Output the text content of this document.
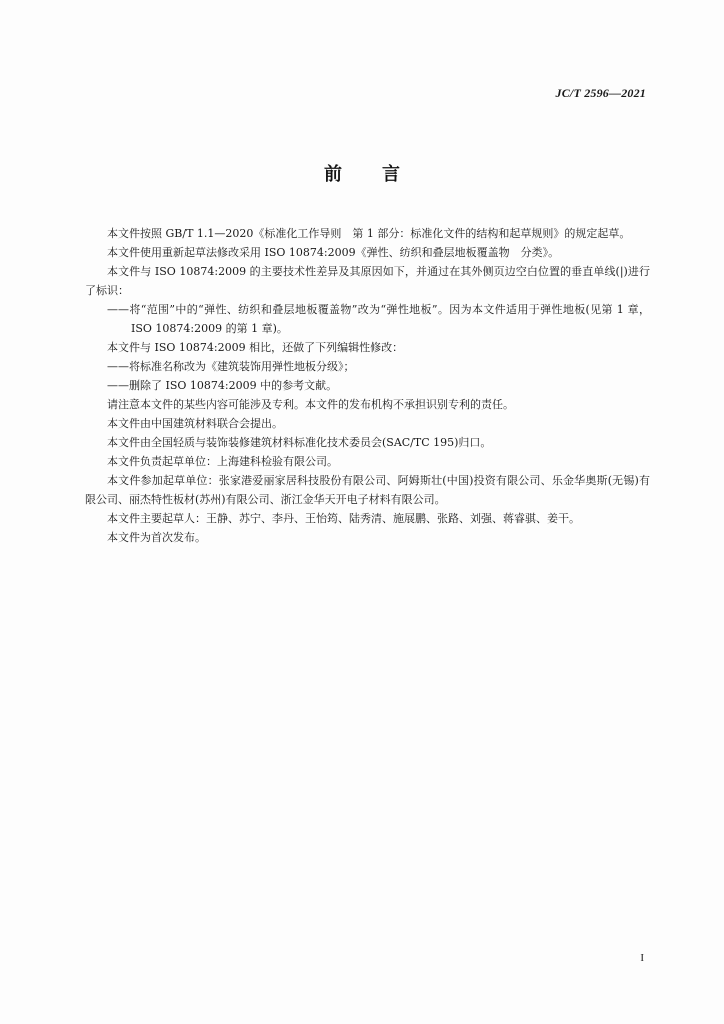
JC/T 2596—2021
前言

本文件按照 GB/T 1.1—2020《标准化工作导则　第 1 部分：标准化文件的结构和起草规则》的规定起草。

本文件使用重新起草法修改采用 ISO 10874:2009《弹性、纺织和叠层地板覆盖物　分类》。

本文件与 ISO 10874:2009 的主要技术性差异及其原因如下，并通过在其外侧页边空白位置的垂直单线(|)进行了标识：

——将“范围”中的“弹性、纺织和叠层地板覆盖物”改为“弹性地板”。因为本文件适用于弹性地板(见第 1 章，ISO 10874:2009 的第 1 章)。

本文件与 ISO 10874:2009 相比，还做了下列编辑性修改：

——将标准名称改为《建筑装饰用弹性地板分级》；

——删除了 ISO 10874:2009 中的参考文献。

请注意本文件的某些内容可能涉及专利。本文件的发布机构不承担识别专利的责任。

本文件由中国建筑材料联合会提出。

本文件由全国轻质与装饰装修建筑材料标准化技术委员会(SAC/TC 195)归口。

本文件负责起草单位：上海建科检验有限公司。

本文件参加起草单位：张家港爱丽家居科技股份有限公司、阿姆斯壮(中国)投资有限公司、乐金华奥斯(无锡)有限公司、丽杰特性板材(苏州)有限公司、浙江金华天开电子材料有限公司。

本文件主要起草人：王静、苏宁、李丹、王怡筠、陆秀清、施展鹏、张路、刘强、蒋睿骐、姜干。

本文件为首次发布。

I
